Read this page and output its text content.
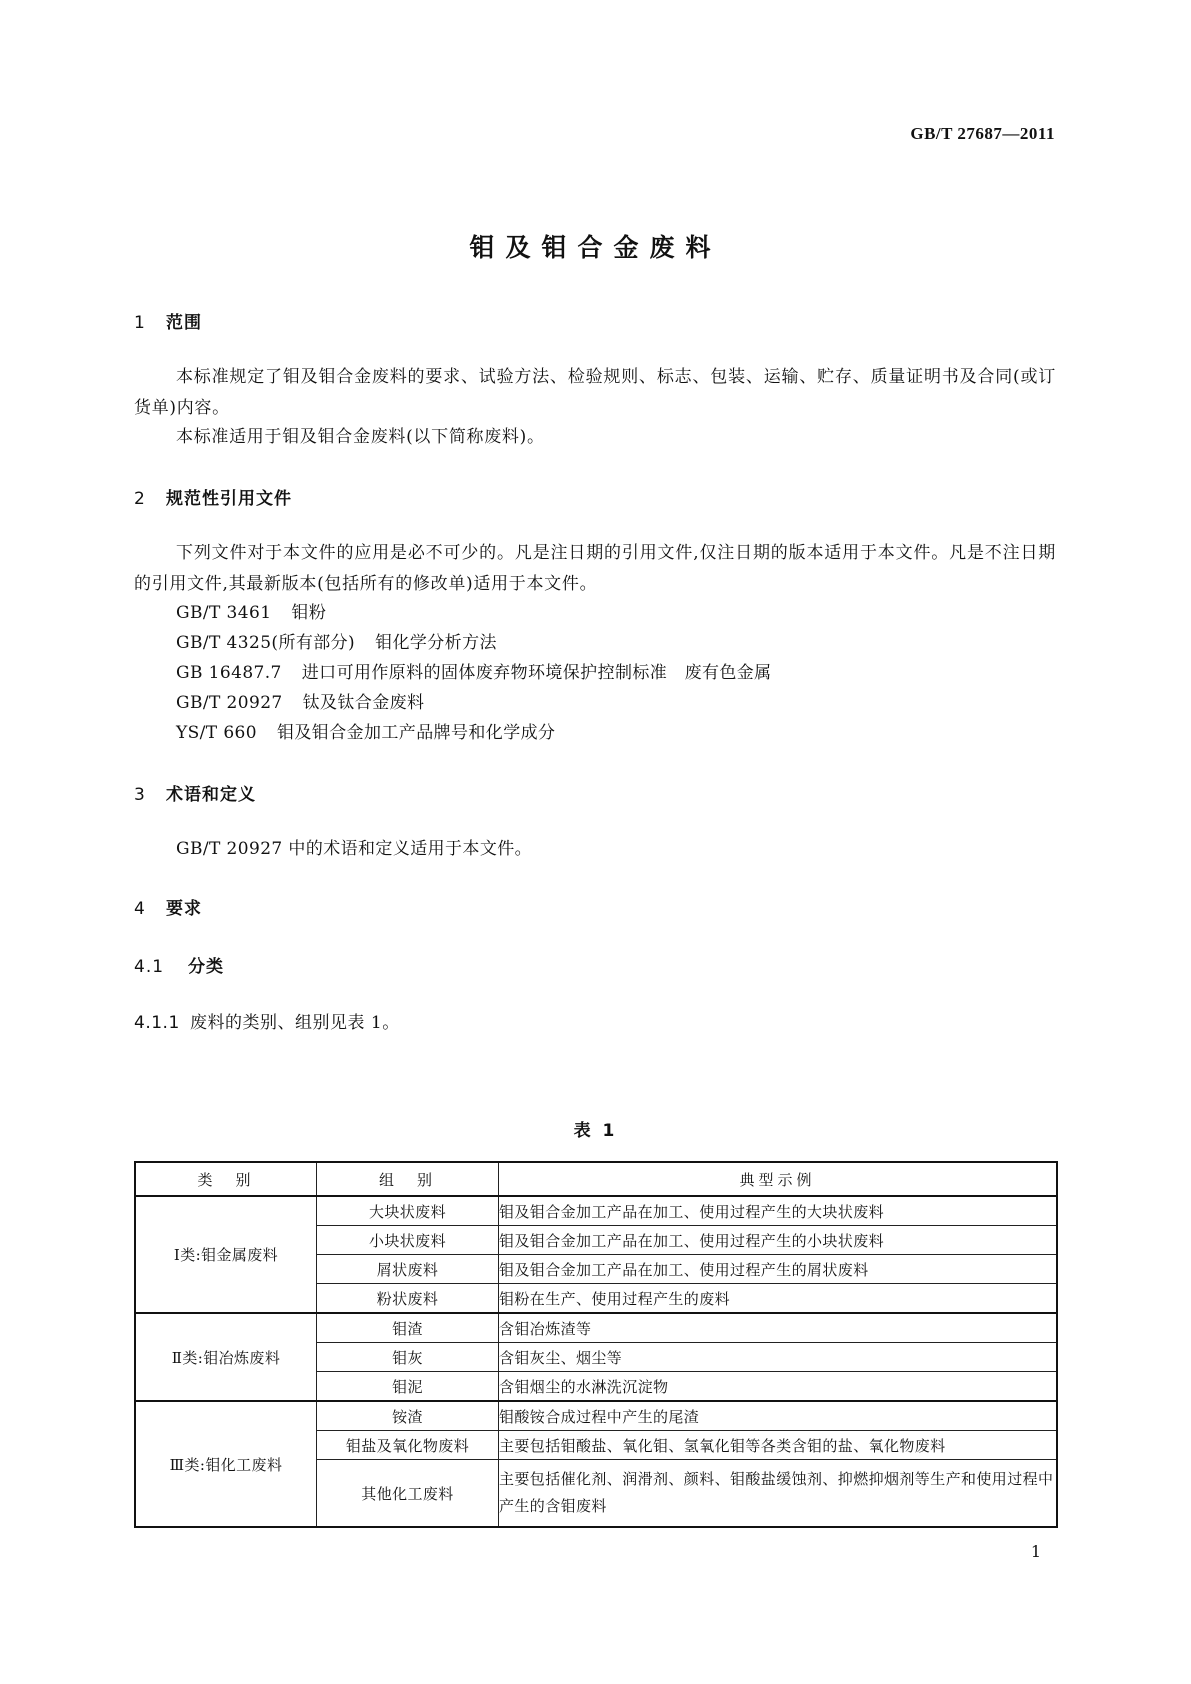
GB/T 27687—2011
钼及钼合金废料
1 范围

本标准规定了钼及钼合金废料的要求、试验方法、检验规则、标志、包装、运输、贮存、质量证明书及合同(或订货单)内容。

本标准适用于钼及钼合金废料(以下简称废料)。

2 规范性引用文件

下列文件对于本文件的应用是必不可少的。凡是注日期的引用文件,仅注日期的版本适用于本文件。凡是不注日期的引用文件,其最新版本(包括所有的修改单)适用于本文件。

GB/T 3461 钼粉
GB/T 4325(所有部分) 钼化学分析方法
GB 16487.7 进口可用作原料的固体废弃物环境保护控制标准　废有色金属
GB/T 20927 钛及钛合金废料
YS/T 660 钼及钼合金加工产品牌号和化学成分
3 术语和定义
GB/T 20927 中的术语和定义适用于本文件。
4 要求
4.1 分类
4.1.1 废料的类别、组别见表 1。
表 1
类　别	组　别	典型示例
Ⅰ类:钼金属废料	大块状废料	钼及钼合金加工产品在加工、使用过程产生的大块状废料
	小块状废料	钼及钼合金加工产品在加工、使用过程产生的小块状废料
	屑状废料	钼及钼合金加工产品在加工、使用过程产生的屑状废料
	粉状废料	钼粉在生产、使用过程产生的废料
Ⅱ类:钼冶炼废料	钼渣	含钼冶炼渣等
	钼灰	含钼灰尘、烟尘等
	钼泥	含钼烟尘的水淋洗沉淀物
Ⅲ类:钼化工废料	铵渣	钼酸铵合成过程中产生的尾渣
	钼盐及氧化物废料	主要包括钼酸盐、氧化钼、氢氧化钼等各类含钼的盐、氧化物废料
	其他化工废料	主要包括催化剂、润滑剂、颜料、钼酸盐缓蚀剂、抑燃抑烟剂等生产和使用过程中产生的含钼废料
1
